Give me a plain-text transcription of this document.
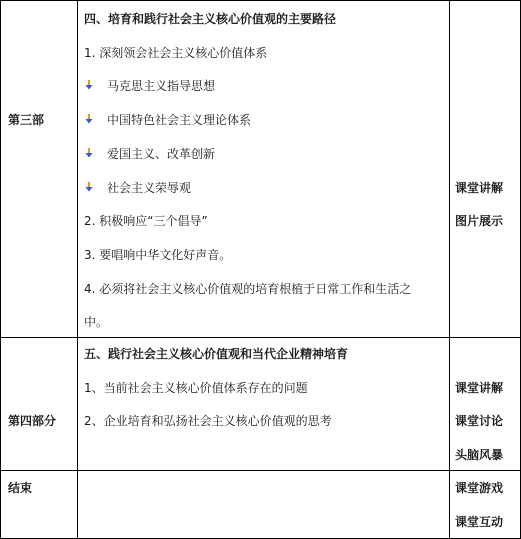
第三部
四、培育和践行社会主义核心价值观的主要路径
1. 深刻领会社会主义核心价值体系
马克思主义指导思想
中国特色社会主义理论体系
爱国主义、改革创新
社会主义荣辱观
2. 积极响应“三个倡导”
3. 要唱响中华文化好声音。
4. 必须将社会主义核心价值观的培育根植于日常工作和生活之
中。
课堂讲解
图片展示
第四部分
五、践行社会主义核心价值观和当代企业精神培育
1、当前社会主义核心价值体系存在的问题
2、企业培育和弘扬社会主义核心价值观的思考
课堂讲解
课堂讨论
头脑风暴
结束	课堂游戏
课堂互动
